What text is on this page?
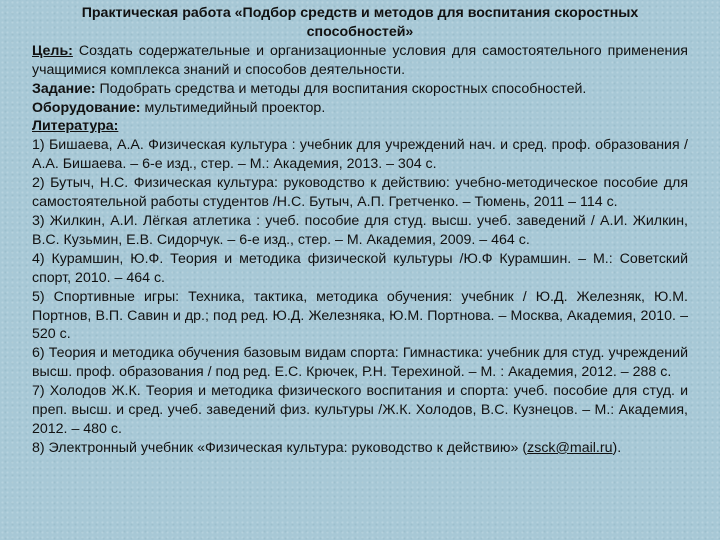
Практическая работа «Подбор средств и методов для воспитания скоростных способностей»

Цель: Создать содержательные и организационные условия для самостоятельного применения учащимися комплекса знаний и способов деятельности.

Задание: Подобрать средства и методы для воспитания скоростных способностей.

Оборудование: мультимедийный проектор.

Литература:

1) Бишаева, А.А. Физическая культура : учебник для учреждений нач. и сред. проф. образования / А.А. Бишаева. – 6-е изд., стер. – М.: Академия, 2013. – 304 с.

2) Бутыч, Н.С. Физическая культура: руководство к действию: учебно-методическое пособие для самостоятельной работы студентов /Н.С. Бутыч, А.П. Гретченко. – Тюмень, 2011 – 114 с.

3) Жилкин, А.И. Лёгкая атлетика : учеб. пособие для студ. высш. учеб. заведений / А.И. Жилкин, В.С. Кузьмин, Е.В. Сидорчук. – 6-е изд., стер. – М. Академия, 2009. – 464 с.

4) Курамшин, Ю.Ф. Теория и методика физической культуры /Ю.Ф Курамшин. – М.: Советский спорт, 2010. – 464 с.

5) Спортивные игры: Техника, тактика, методика обучения: учебник / Ю.Д. Железняк, Ю.М. Портнов, В.П. Савин и др.; под ред. Ю.Д. Железняка, Ю.М. Портнова. – Москва, Академия, 2010. – 520 с.

6) Теория и методика обучения базовым видам спорта: Гимнастика: учебник для студ. учреждений высш. проф. образования / под ред. Е.С. Крючек, Р.Н. Терехиной. – М. : Академия, 2012. – 288 с.

7) Холодов Ж.К. Теория и методика физического воспитания и спорта: учеб. пособие для студ. и преп. высш. и сред. учеб. заведений физ. культуры /Ж.К. Холодов, В.С. Кузнецов. – М.: Академия, 2012. – 480 с.

8) Электронный учебник «Физическая культура: руководство к действию» (zsck@mail.ru).
